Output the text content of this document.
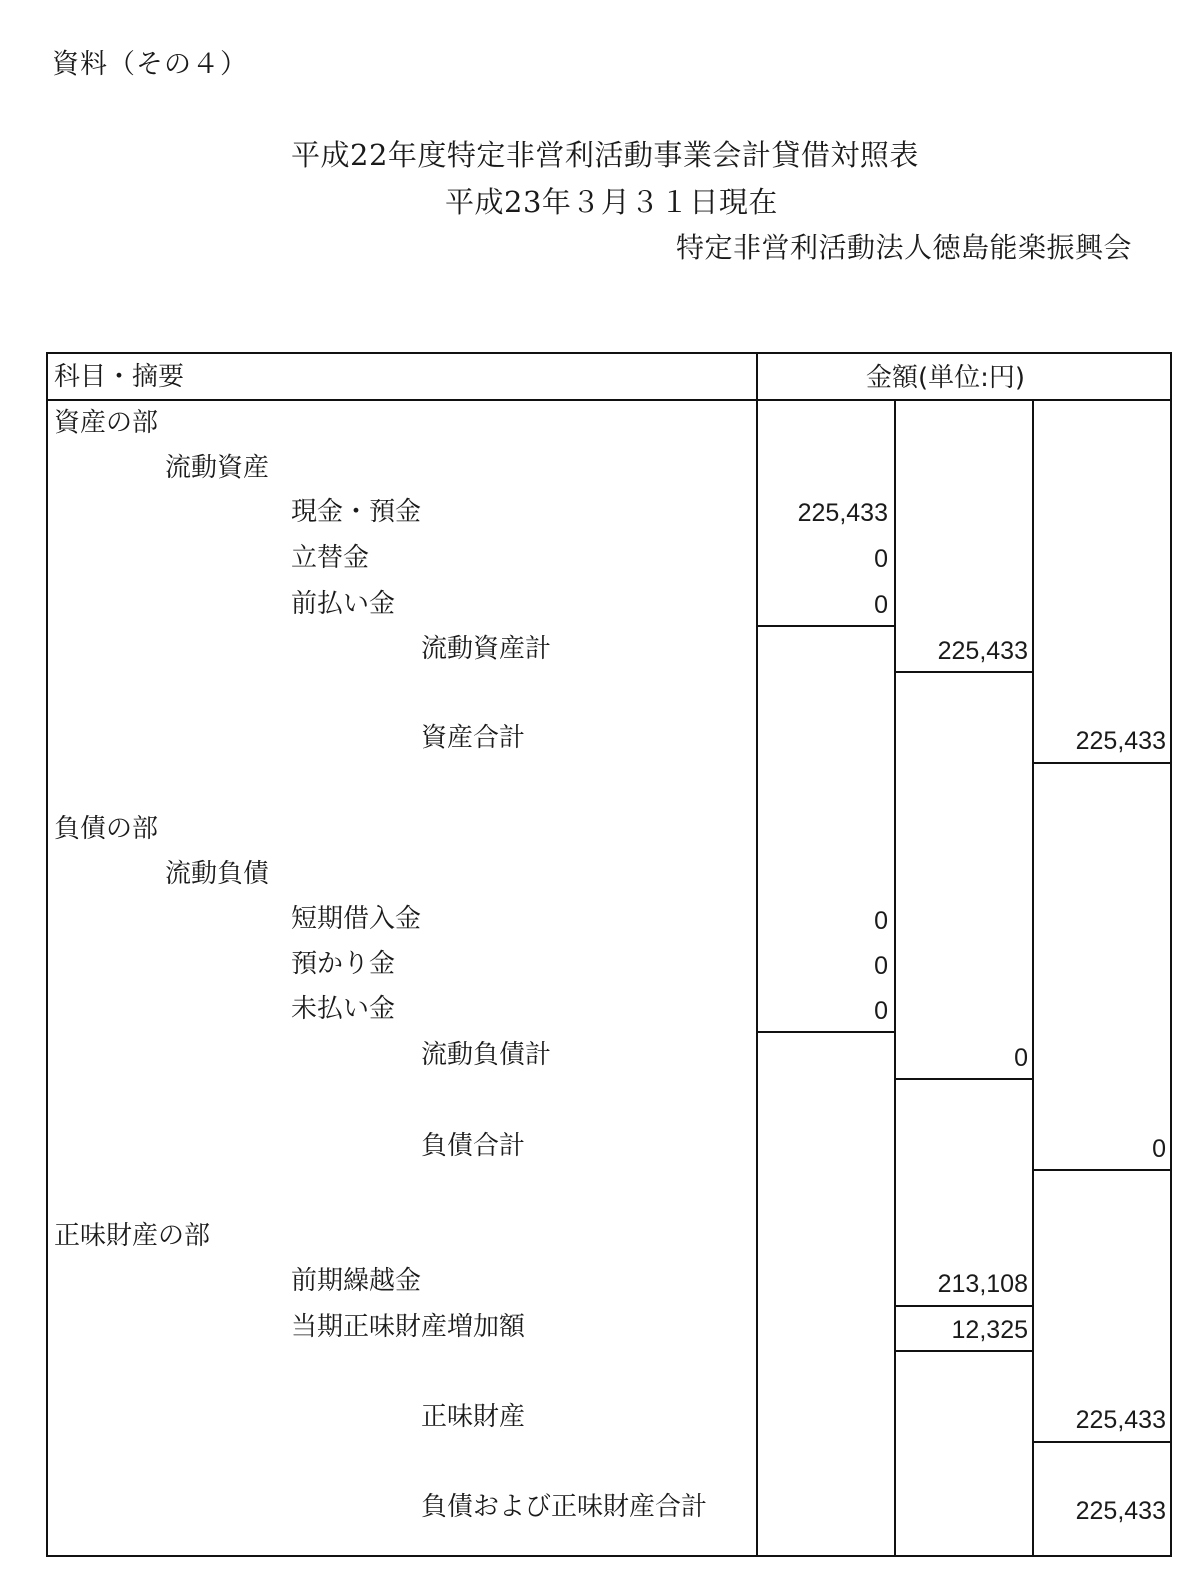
資料（その４）
平成22年度特定非営利活動事業会計貸借対照表
平成23年３月３１日現在
特定非営利活動法人徳島能楽振興会
科目・摘要	金額(単位:円)
資産の部
流動資産
現金・預金	225,433
立替金	0
前払い金	0
流動資産計	225,433
資産合計	225,433
負債の部
流動負債
短期借入金	0
預かり金	0
未払い金	0
流動負債計	0
負債合計	0
正味財産の部
前期繰越金	213,108
当期正味財産増加額	12,325
正味財産	225,433
負債および正味財産合計	225,433
